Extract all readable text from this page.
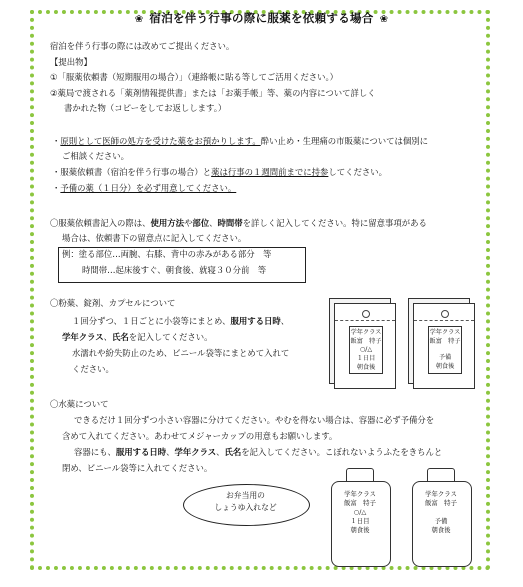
❀ 宿泊を伴う行事の際に服薬を依頼する場合 ❀
宿泊を伴う行事の際には改めてご提出ください。
【提出物】
①「服薬依頼書（短期服用の場合）」（連絡帳に貼る等してご活用ください。）
②薬局で渡される「薬剤情報提供書」または「お薬手帳」等、薬の内容について詳しく
書かれた物（コピーをしてお返しします。）
・原則として医師の処方を受けた薬をお預かりします。酔い止め・生理痛の市販薬については個別に
ご相談ください。
・服薬依頼書（宿泊を伴う行事の場合）と薬は行事の１週間前までに持参してください。
・予備の薬（１日分）を必ず用意してください。
〇服薬依頼書記入の際は、使用方法や部位、時間帯を詳しく記入してください。特に留意事項がある
場合は、依頼書下の留意点に記入してください。
例：塗る部位…両腕、右膝、背中の赤みがある部分　等
時間帯…起床後すぐ、朝食後、就寝３０分前　等
〇粉薬、錠剤、カプセルについて
１回分ずつ、１日ごとに小袋等にまとめ、服用する日時、
学年クラス、氏名を記入してください。
水濡れや紛失防止のため、ビニール袋等にまとめて入れて
ください。
学年クラス
飯富　特子
○/△
１日目
朝食後
学年クラス
飯富　特子
予備
朝食後
〇水薬について
できるだけ１回分ずつ小さい容器に分けてください。やむを得ない場合は、容器に必ず予備分を
含めて入れてください。あわせてメジャーカップの用意もお願いします。
容器にも、服用する日時、学年クラス、氏名を記入してください。こぼれないようふたをきちんと
閉め、ビニール袋等に入れてください。
お弁当用の
しょうゆ入れなど
学年クラス
飯富　特子
○/△
１日目
朝食後
学年クラス
飯富　特子
予備
朝食後
